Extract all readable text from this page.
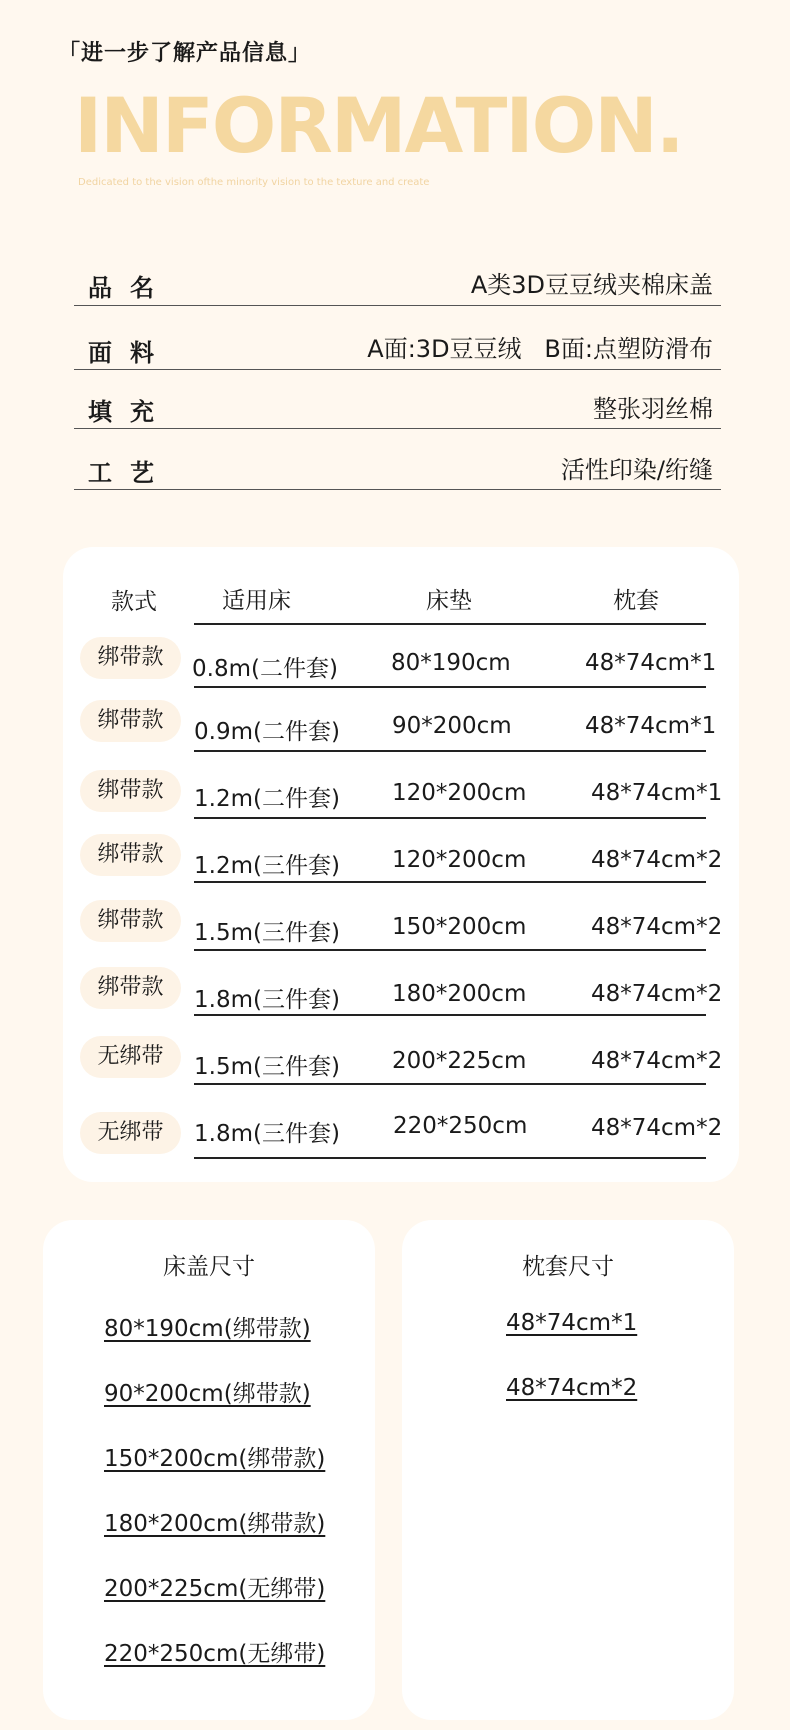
「进一步了解产品信息」
INFORMATION.
Dedicated to the vision ofthe minority vision to the texture and create
品名	A类3D豆豆绒夹棉床盖
面料	A面:3D豆豆绒   B面:点塑防滑布
填充	整张羽丝棉
工艺	活性印染/绗缝
款式	适用床	床垫	枕套
绑带款	0.8m(二件套) 80*190cm	48*74cm*1
绑带款	0.9m(二件套) 90*200cm	48*74cm*1
绑带款	1.2m(二件套) 120*200cm	48*74cm*1
绑带款	1.2m(三件套) 120*200cm	48*74cm*2
绑带款	1.5m(三件套) 150*200cm	48*74cm*2
绑带款	1.8m(三件套) 180*200cm	48*74cm*2
无绑带	1.5m(三件套) 200*225cm	48*74cm*2
无绑带	1.8m(三件套) 220*250cm	48*74cm*2
床盖尺寸
80*190cm(绑带款)
90*200cm(绑带款)
150*200cm(绑带款)
180*200cm(绑带款)
200*225cm(无绑带)
220*250cm(无绑带)
枕套尺寸
48*74cm*1
48*74cm*2
